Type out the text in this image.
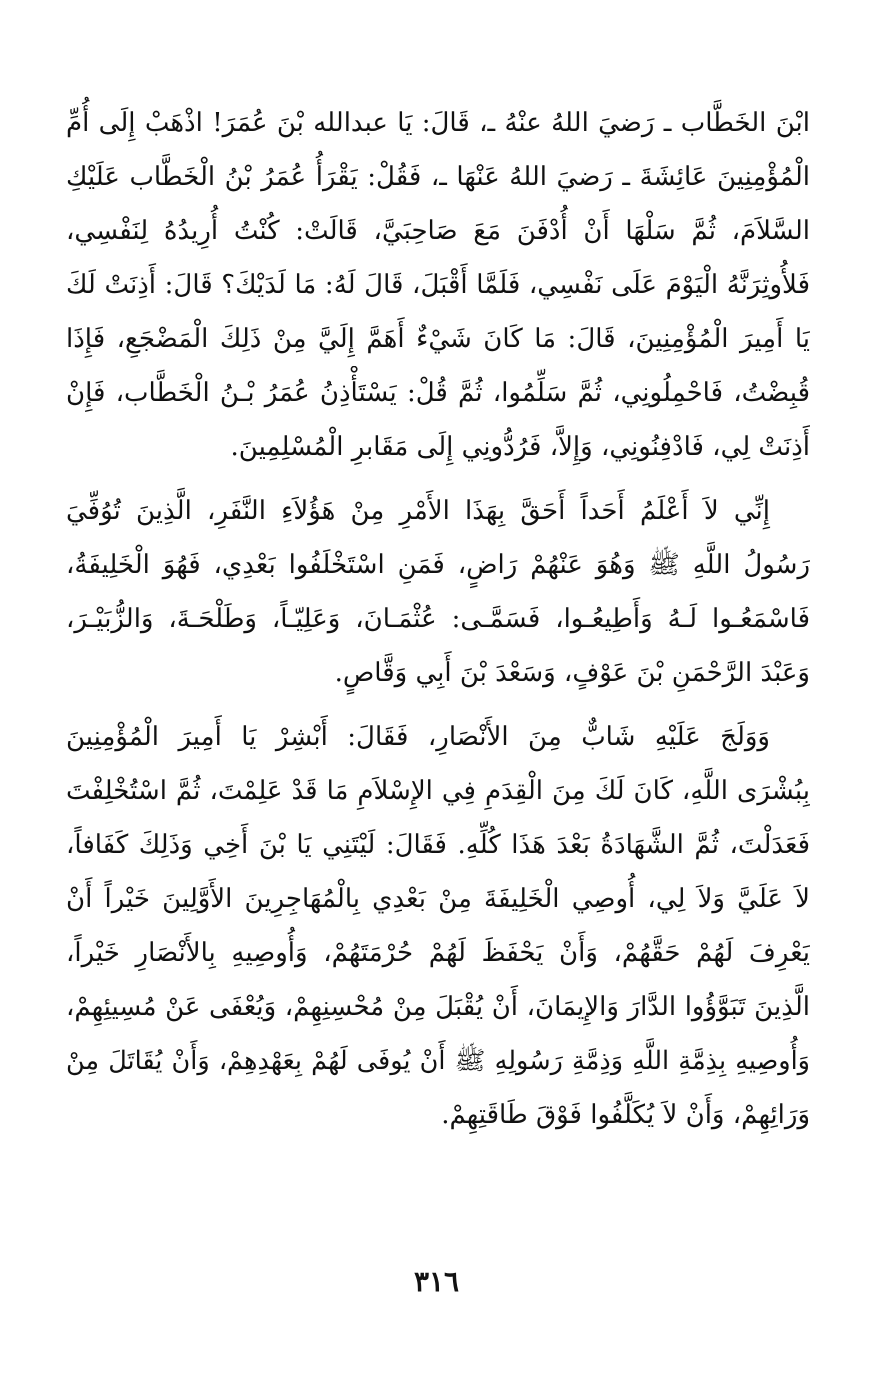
ابْنَ الخَطَّاب ـ رَضيَ اللهُ عنْهُ ـ، قَالَ: يَا عبدالله بْنَ عُمَرَ! اذْهَبْ إِلَى أُمِّ
الْمُؤْمِنِينَ عَائِشَةَ ـ رَضيَ اللهُ عَنْهَا ـ، فَقُلْ: يَقْرَأُ عُمَرُ بْنُ الْخَطَّاب عَلَيْكِ
السَّلاَمَ، ثُمَّ سَلْهَا أَنْ أُدْفَنَ مَعَ صَاحِبَيَّ، قَالَتْ: كُنْتُ أُرِيدُهُ لِنَفْسِي،
فَلأُوثِرَنَّهُ الْيَوْمَ عَلَى نَفْسِي، فَلَمَّا أَقْبَلَ، قَالَ لَهُ: مَا لَدَيْكَ؟ قَالَ: أَذِنَتْ لَكَ
يَا أَمِيرَ الْمُؤْمِنِينَ، قَالَ: مَا كَانَ شَيْءٌ أَهَمَّ إِلَيَّ مِنْ ذَلِكَ الْمَضْجَعِ، فَإِذَا
قُبِضْتُ، فَاحْمِلُونِي، ثُمَّ سَلِّمُوا، ثُمَّ قُلْ: يَسْتَأْذِنُ عُمَرُ بْـنُ الْخَطَّاب، فَإِنْ
أَذِنَتْ لِي، فَادْفِنُونِي، وَإِلاَّ، فَرُدُّونِي إِلَى مَقَابرِ الْمُسْلِمِينَ.
إِنِّي لاَ أَعْلَمُ أَحَداً أَحَقَّ بِهَذَا الأَمْرِ مِنْ هَؤُلاَءِ النَّفَرِ، الَّذِينَ تُوُفِّيَ
رَسُولُ اللَّهِ ﷺ وَهُوَ عَنْهُمْ رَاضٍ، فَمَنِ اسْتَخْلَفُوا بَعْدِي، فَهُوَ الْخَلِيفَةُ،
فَاسْمَعُـوا لَـهُ وَأَطِيعُـوا، فَسَمَّـى: عُثْمَـانَ، وَعَلِيّـاً، وَطَلْحَـةَ، وَالزُّبَيْـرَ،
وَعَبْدَ الرَّحْمَنِ بْنَ عَوْفٍ، وَسَعْدَ بْنَ أَبِي وَقَّاصٍ.
وَوَلَجَ عَلَيْهِ شَابٌّ مِنَ الأَنْصَارِ، فَقَالَ: أَبْشِرْ يَا أَمِيرَ الْمُؤْمِنِينَ
بِبُشْرَى اللَّهِ، كَانَ لَكَ مِنَ الْقِدَمِ فِي الإِسْلاَمِ مَا قَدْ عَلِمْتَ، ثُمَّ اسْتُخْلِفْتَ
فَعَدَلْتَ، ثُمَّ الشَّهَادَةُ بَعْدَ هَذَا كُلِّهِ. فَقَالَ: لَيْتَنِي يَا بْنَ أَخِي وَذَلِكَ كَفَافاً،
لاَ عَلَيَّ وَلاَ لِي، أُوصِي الْخَلِيفَةَ مِنْ بَعْدِي بِالْمُهَاجِرِينَ الأَوَّلِينَ خَيْراً أَنْ
يَعْرِفَ لَهُمْ حَقَّهُمْ، وَأَنْ يَحْفَظَ لَهُمْ حُرْمَتَهُمْ، وَأُوصِيهِ بِالأَنْصَارِ خَيْراً،
الَّذِينَ تَبَوَّؤُوا الدَّارَ وَالإِيمَانَ، أَنْ يُقْبَلَ مِنْ مُحْسِنِهِمْ، وَيُعْفَى عَنْ مُسِيئِهِمْ،
وَأُوصِيهِ بِذِمَّةِ اللَّهِ وَذِمَّةِ رَسُولِهِ ﷺ أَنْ يُوفَى لَهُمْ بِعَهْدِهِمْ، وَأَنْ يُقَاتَلَ مِنْ
وَرَائِهِمْ، وَأَنْ لاَ يُكَلَّفُوا فَوْقَ طَاقَتِهِمْ.
٣١٦
